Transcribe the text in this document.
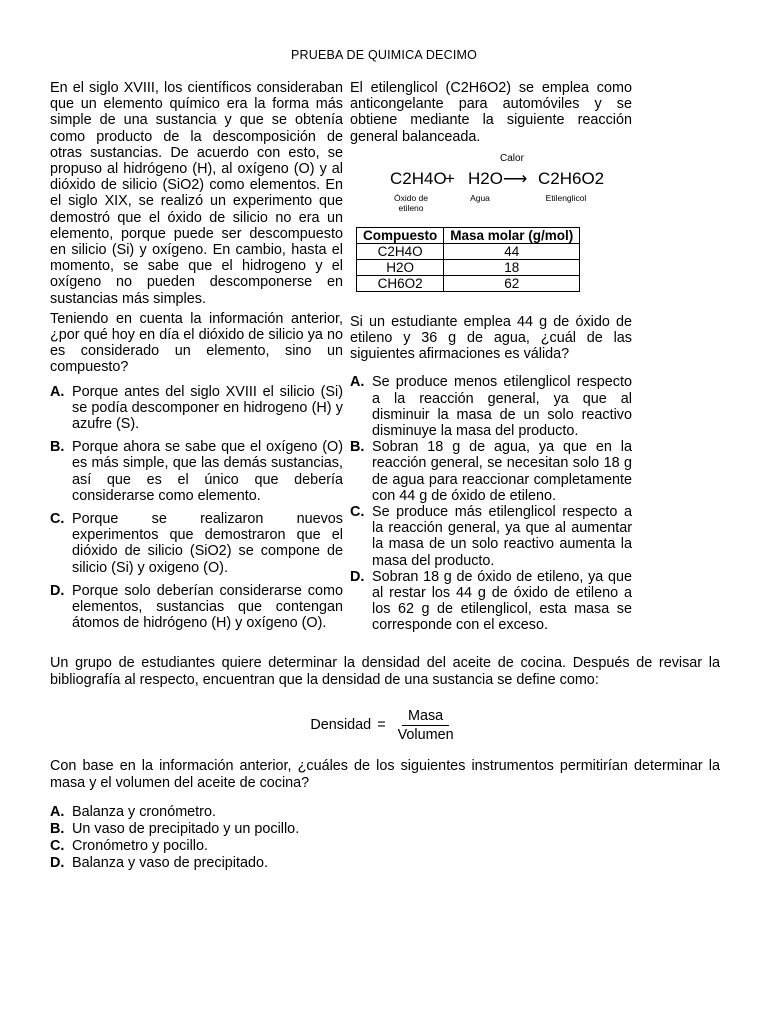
PRUEBA DE QUIMICA DECIMO

En el siglo XVIII, los científicos consideraban que un elemento químico era la forma más simple de una sustancia y que se obtenía como producto de la descomposición de otras sustancias. De acuerdo con esto, se propuso al hidrógeno (H), al oxígeno (O) y al dióxido de silicio (SiO2) como elementos. En el siglo XIX, se realizó un experimento que demostró que el óxido de silicio no era un elemento, porque puede ser descompuesto en silicio (Si) y oxígeno. En cambio, hasta el momento, se sabe que el hidrogeno y el oxígeno no pueden descomponerse en sustancias más simples.

Teniendo en cuenta la información anterior, ¿por qué hoy en día el dióxido de silicio ya no es considerado un elemento, sino un compuesto?

A. Porque antes del siglo XVIII el silicio (Si) se podía descomponer en hidrogeno (H) y azufre (S).
B. Porque ahora se sabe que el oxígeno (O) es más simple, que las demás sustancias, así que es el único que debería considerarse como elemento.
C. Porque se realizaron nuevos experimentos que demostraron que el dióxido de silicio (SiO2) se compone de silicio (Si) y oxigeno (O).
D. Porque solo deberían considerarse como elementos, sustancias que contengan átomos de hidrógeno (H) y oxígeno (O).

El etilenglicol (C2H6O2) se emplea como anticongelante para automóviles y se obtiene mediante la siguiente reacción general balanceada.

Calor
C2H4O
+ H2O ⟶ C2H6O2
Óxido de etileno
Agua	Etilenglicol
Compuesto	Masa molar (g/mol)
C2H4O	44
H2O	18
CH6O2	62

Si un estudiante emplea 44 g de óxido de etileno y 36 g de agua, ¿cuál de las siguientes afirmaciones es válida?

A. Se produce menos etilenglicol respecto a la reacción general, ya que al disminuir la masa de un solo reactivo disminuye la masa del producto.
B. Sobran 18 g de agua, ya que en la reacción general, se necesitan solo 18 g de agua para reaccionar completamente con 44 g de óxido de etileno.
C. Se produce más etilenglicol respecto a la reacción general, ya que al aumentar la masa de un solo reactivo aumenta la masa del producto.
D. Sobran 18 g de óxido de etileno, ya que al restar los 44 g de óxido de etileno a los 62 g de etilenglicol, esta masa se corresponde con el exceso.

Un grupo de estudiantes quiere determinar la densidad del aceite de cocina. Después de revisar la bibliografía al respecto, encuentran que la densidad de una sustancia se define como:

Densidad = $\frac{\text{Masa}}{\text{Volumen}}$

Con base en la información anterior, ¿cuáles de los siguientes instrumentos permitirían determinar la masa y el volumen del aceite de cocina?

A. Balanza y cronómetro.
B. Un vaso de precipitado y un pocillo.
C. Cronómetro y pocillo.
D. Balanza y vaso de precipitado.
